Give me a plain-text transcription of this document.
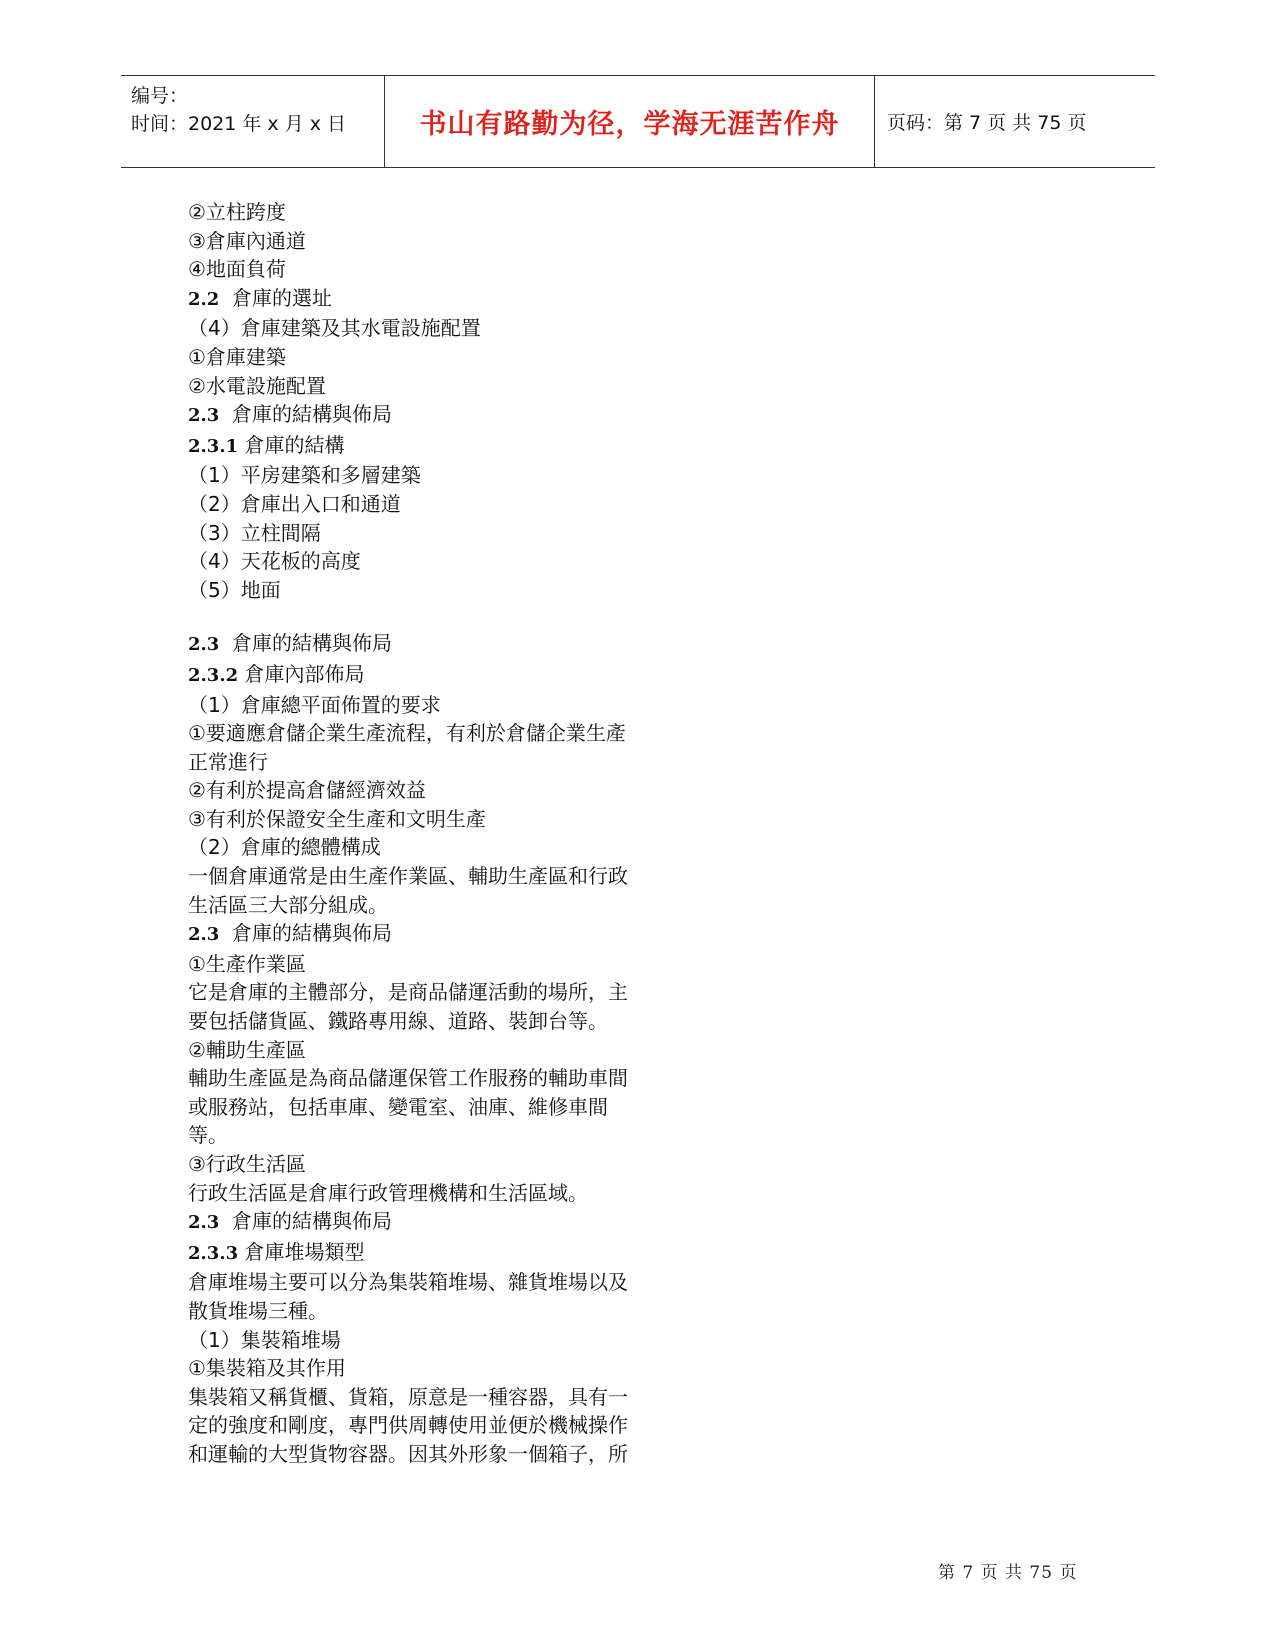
编号：
时间：2021 年 x 月 x 日	书山有路勤为径，学海无涯苦作舟	页码：第 7 页 共 75 页
②立柱跨度
③倉庫內通道
④地面負荷
2.2  倉庫的選址
（4）倉庫建築及其水電設施配置
①倉庫建築
②水電設施配置
2.3  倉庫的結構與佈局
2.3.1 倉庫的結構
（1）平房建築和多層建築
（2）倉庫出入口和通道
（3）立柱間隔
（4）天花板的高度
（5）地面
2.3  倉庫的結構與佈局
2.3.2 倉庫內部佈局
（1）倉庫總平面佈置的要求
①要適應倉儲企業生產流程，有利於倉儲企業生產
正常進行
②有利於提高倉儲經濟效益
③有利於保證安全生產和文明生產
（2）倉庫的總體構成
一個倉庫通常是由生產作業區、輔助生產區和行政
生活區三大部分組成。
2.3  倉庫的結構與佈局
①生產作業區
它是倉庫的主體部分，是商品儲運活動的場所，主
要包括儲貨區、鐵路專用線、道路、裝卸台等。
②輔助生產區
輔助生產區是為商品儲運保管工作服務的輔助車間
或服務站，包括車庫、變電室、油庫、維修車間
等。
③行政生活區
行政生活區是倉庫行政管理機構和生活區域。
2.3  倉庫的結構與佈局
2.3.3 倉庫堆場類型
倉庫堆場主要可以分為集裝箱堆場、雜貨堆場以及
散貨堆場三種。
（1）集裝箱堆場
①集裝箱及其作用
集裝箱又稱貨櫃、貨箱，原意是一種容器，具有一
定的強度和剛度，專門供周轉使用並便於機械操作
和運輸的大型貨物容器。因其外形象一個箱子，所
第 7 页 共 75 页
